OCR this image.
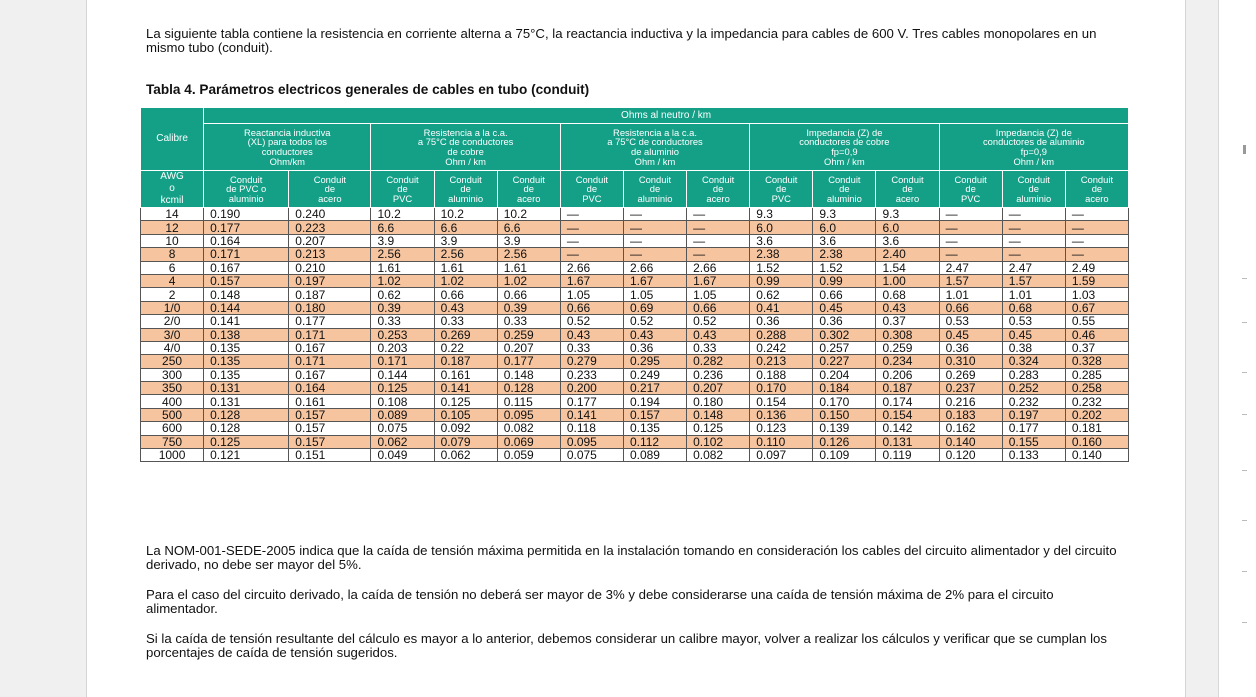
La siguiente tabla contiene la resistencia en corriente alterna a 75°C, la reactancia inductiva y la impedancia para cables de 600 V. Tres cables monopolares en un mismo tubo (conduit).

Tabla 4. Parámetros electricos generales de cables en tubo (conduit)

Calibre	Ohms al neutro / km													
	Reactancia inductiva
(XL) para todos los
conductores
Ohm/km		Resistencia a la c.a.
a 75°C de conductores
de cobre
Ohm / km			Resistencia a la c.a.
a 75°C de conductores
de aluminio
Ohm / km			Impedancia (Z) de
conductores de cobre
fp=0,9
Ohm / km			Impedancia (Z) de
conductores de aluminio
fp=0,9
Ohm / km		
AWG
o
kcmil	Conduit
de PVC o
aluminio	Conduit
de
acero	Conduit
de
PVC	Conduit
de
aluminio	Conduit
de
acero	Conduit
de
PVC	Conduit
de
aluminio	Conduit
de
acero	Conduit
de
PVC	Conduit
de
aluminio	Conduit
de
acero	Conduit
de
PVC	Conduit
de
aluminio	Conduit
de
acero
14	0.190	0.240	10.2	10.2	10.2	—	—	—	9.3	9.3	9.3	—	—	—
12	0.177	0.223	6.6	6.6	6.6	—	—	—	6.0	6.0	6.0	—	—	—
10	0.164	0.207	3.9	3.9	3.9	—	—	—	3.6	3.6	3.6	—	—	—
8	0.171	0.213	2.56	2.56	2.56	—	—	—	2.38	2.38	2.40	—	—	—
6	0.167	0.210	1.61	1.61	1.61	2.66	2.66	2.66	1.52	1.52	1.54	2.47	2.47	2.49
4	0.157	0.197	1.02	1.02	1.02	1.67	1.67	1.67	0.99	0.99	1.00	1.57	1.57	1.59
2	0.148	0.187	0.62	0.66	0.66	1.05	1.05	1.05	0.62	0.66	0.68	1.01	1.01	1.03
1/0	0.144	0.180	0.39	0.43	0.39	0.66	0.69	0.66	0.41	0.45	0.43	0.66	0.68	0.67
2/0	0.141	0.177	0.33	0.33	0.33	0.52	0.52	0.52	0.36	0.36	0.37	0.53	0.53	0.55
3/0	0.138	0.171	0.253	0.269	0.259	0.43	0.43	0.43	0.288	0.302	0.308	0.45	0.45	0.46
4/0	0.135	0.167	0.203	0.22	0.207	0.33	0.36	0.33	0.242	0.257	0.259	0.36	0.38	0.37
250	0.135	0.171	0.171	0.187	0.177	0.279	0.295	0.282	0.213	0.227	0.234	0.310	0.324	0.328
300	0.135	0.167	0.144	0.161	0.148	0.233	0.249	0.236	0.188	0.204	0.206	0.269	0.283	0.285
350	0.131	0.164	0.125	0.141	0.128	0.200	0.217	0.207	0.170	0.184	0.187	0.237	0.252	0.258
400	0.131	0.161	0.108	0.125	0.115	0.177	0.194	0.180	0.154	0.170	0.174	0.216	0.232	0.232
500	0.128	0.157	0.089	0.105	0.095	0.141	0.157	0.148	0.136	0.150	0.154	0.183	0.197	0.202
600	0.128	0.157	0.075	0.092	0.082	0.118	0.135	0.125	0.123	0.139	0.142	0.162	0.177	0.181
750	0.125	0.157	0.062	0.079	0.069	0.095	0.112	0.102	0.110	0.126	0.131	0.140	0.155	0.160
1000	0.121	0.151	0.049	0.062	0.059	0.075	0.089	0.082	0.097	0.109	0.119	0.120	0.133	0.140

La NOM-001-SEDE-2005 indica que la caída de tensión máxima permitida en la instalación tomando en consideración los cables del circuito alimentador y del circuito derivado, no debe ser mayor del 5%.

Para el caso del circuito derivado, la caída de tensión no deberá ser mayor de 3% y debe considerarse una caída de tensión máxima de 2% para el circuito alimentador.

Si la caída de tensión resultante del cálculo es mayor a lo anterior, debemos considerar un calibre mayor, volver a realizar los cálculos y verificar que se cumplan los porcentajes de caída de tensión sugeridos.
